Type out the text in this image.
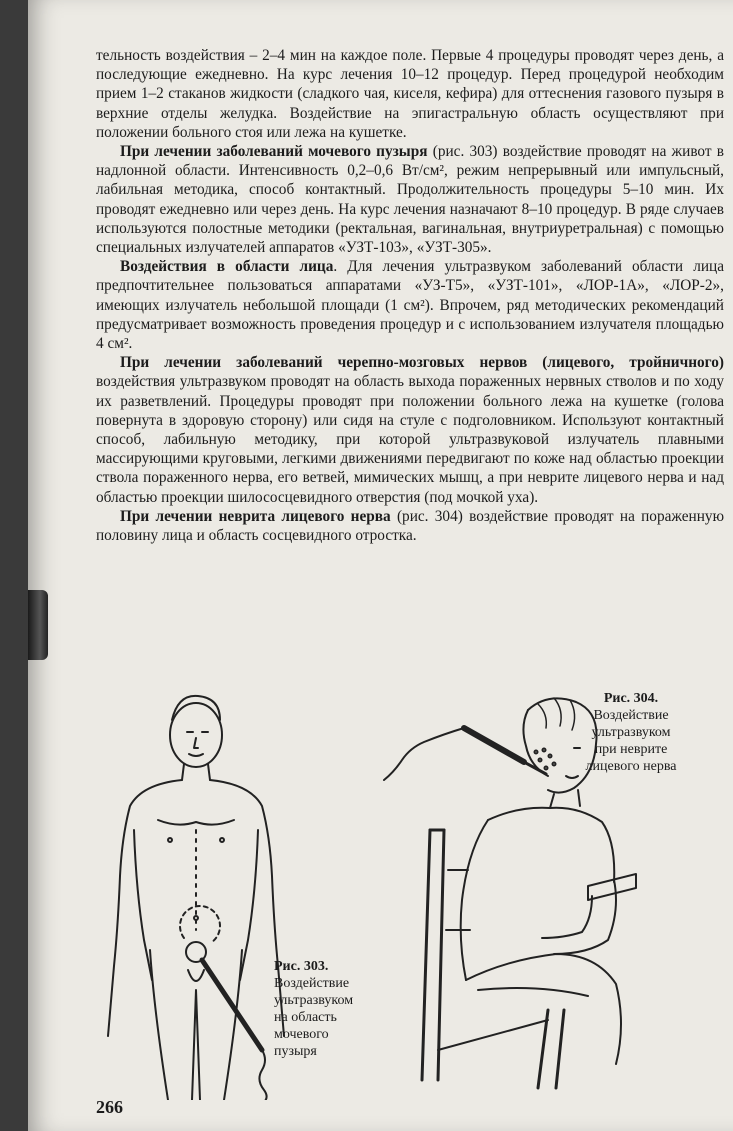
тельность воздействия – 2–4 мин на каждое поле. Первые 4 процедуры проводят через день, а последующие ежедневно. На курс лечения 10–12 процедур. Перед процедурой необходим прием 1–2 стаканов жидкости (сладкого чая, киселя, кефира) для оттеснения газового пузыря в верхние отделы желудка. Воздействие на эпигастральную область осуществляют при положении больного стоя или лежа на кушетке.

При лечении заболеваний мочевого пузыря (рис. 303) воздействие проводят на живот в надлонной области. Интенсивность 0,2–0,6 Вт/см², режим непрерывный или импульсный, лабильная методика, способ контактный. Продолжительность процедуры 5–10 мин. Их проводят ежедневно или через день. На курс лечения назначают 8–10 процедур. В ряде случаев используются полостные методики (ректальная, вагинальная, внутриуретральная) с помощью специальных излучателей аппаратов «УЗТ-103», «УЗТ-305».

Воздействия в области лица. Для лечения ультразвуком заболеваний области лица предпочтительнее пользоваться аппаратами «УЗ-Т5», «УЗТ-101», «ЛОР-1А», «ЛОР-2», имеющих излучатель небольшой площади (1 см²). Впрочем, ряд методических рекомендаций предусматривает возможность проведения процедур и с использованием излучателя площадью 4 см².

При лечении заболеваний черепно-мозговых нервов (лицевого, тройничного) воздействия ультразвуком проводят на область выхода пораженных нервных стволов и по ходу их разветвлений. Процедуры проводят при положении больного лежа на кушетке (голова повернута в здоровую сторону) или сидя на стуле с подголовником. Используют контактный способ, лабильную методику, при которой ультразвуковой излучатель плавными массирующими круговыми, легкими движениями передвигают по коже над областью проекции ствола пораженного нерва, его ветвей, мимических мышц, а при неврите лицевого нерва и над областью проекции шилососцевидного отверстия (под мочкой уха).

При лечении неврита лицевого нерва (рис. 304) воздействие проводят на пораженную половину лица и область сосцевидного отростка.

Рис. 303.
Воздействие
ультразвуком
на область
мочевого
пузыря
Рис. 304.
Воздействие
ультразвуком
при неврите
лицевого нерва
266
